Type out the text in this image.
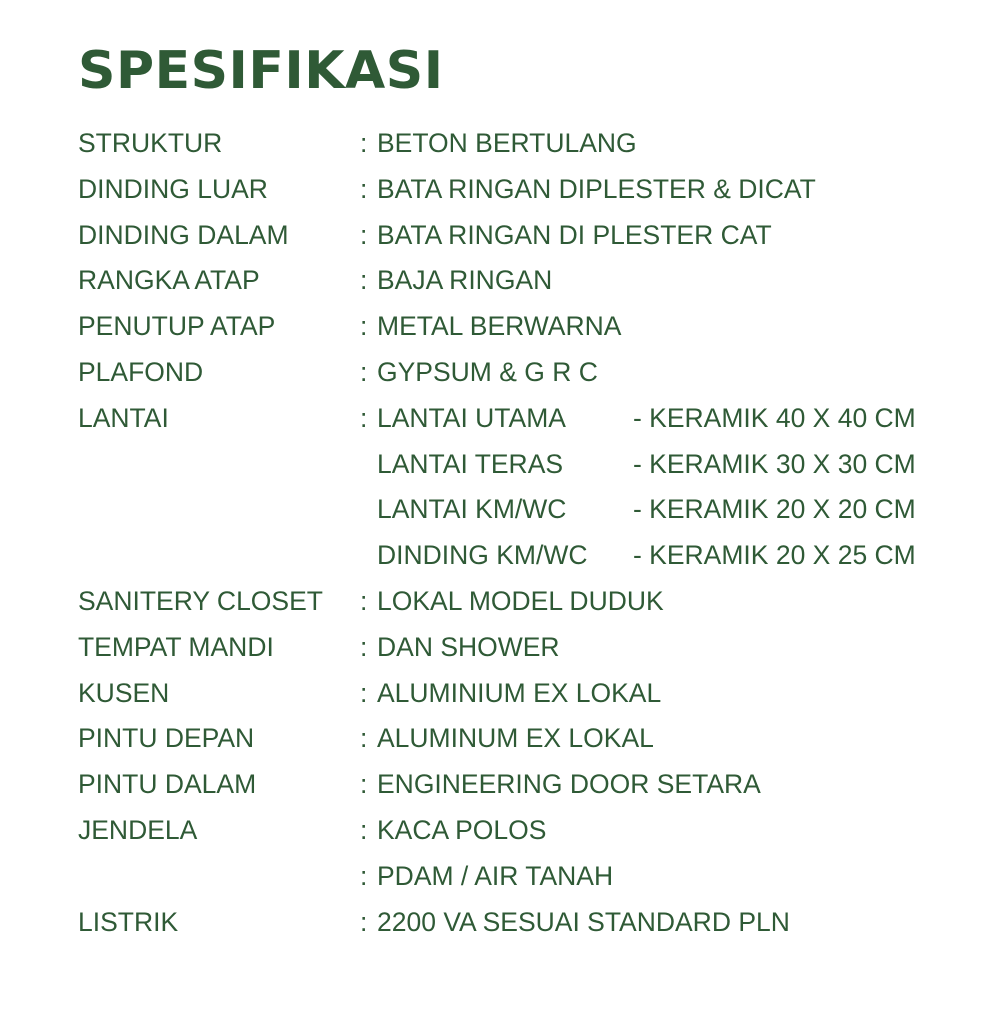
SPESIFIKASI
STRUKTUR	: BETON BERTULANG
DINDING LUAR	: BATA RINGAN DIPLESTER & DICAT
DINDING DALAM	: BATA RINGAN DI PLESTER CAT
RANGKA ATAP	: BAJA RINGAN
PENUTUP ATAP	: METAL BERWARNA
PLAFOND	: GYPSUM & G R C
LANTAI	: LANTAI UTAMA	- KERAMIK 40 X 40 CM
LANTAI TERAS	- KERAMIK 30 X 30 CM
LANTAI KM/WC	- KERAMIK 20 X 20 CM
DINDING KM/WC - KERAMIK 20 X 25 CM
SANITERY CLOSET : LOKAL MODEL DUDUK
TEMPAT MANDI	: DAN SHOWER
KUSEN	: ALUMINIUM EX LOKAL
PINTU DEPAN	: ALUMINUM EX LOKAL
PINTU DALAM	: ENGINEERING DOOR SETARA
JENDELA	: KACA POLOS
: PDAM / AIR TANAH
LISTRIK	: 2200 VA SESUAI STANDARD PLN
